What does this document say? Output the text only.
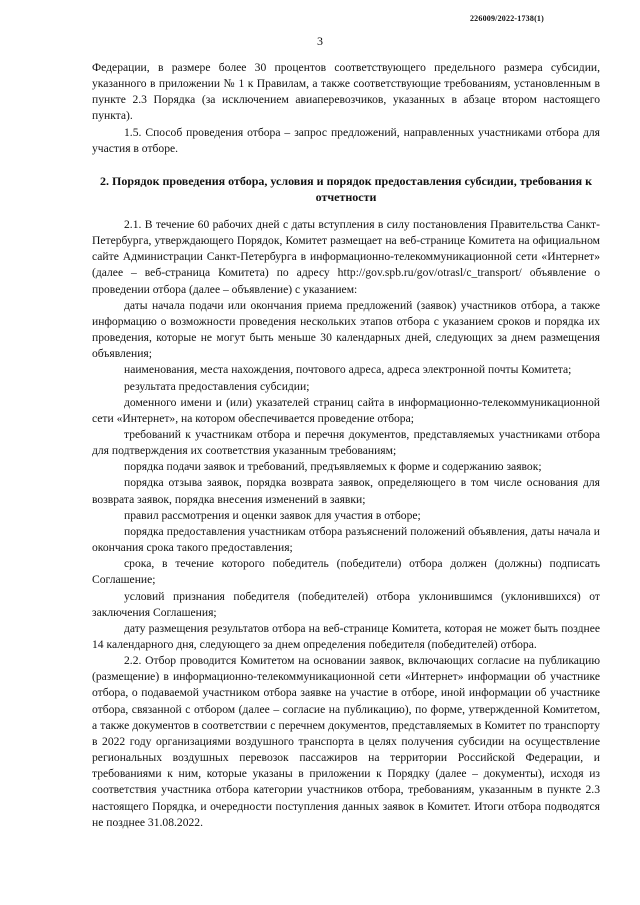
226009/2022-1738(1)
3

Федерации, в размере более 30 процентов соответствующего предельного размера субсидии, указанного в приложении № 1 к Правилам, а также соответствующие требованиям, установленным в пункте 2.3 Порядка (за исключением авиаперевозчиков, указанных в абзаце втором настоящего пункта).

1.5. Способ проведения отбора – запрос предложений, направленных участниками отбора для участия в отборе.

2. Порядок проведения отбора, условия и порядок предоставления субсидии, требования к отчетности

2.1. В течение 60 рабочих дней с даты вступления в силу постановления Правительства Санкт-Петербурга, утверждающего Порядок, Комитет размещает на веб-странице Комитета на официальном сайте Администрации Санкт-Петербурга в информационно-телекоммуникационной сети «Интернет» (далее – веб-страница Комитета) по адресу http://gov.spb.ru/gov/otrasl/c_transport/ объявление о проведении отбора (далее – объявление) с указанием:

даты начала подачи или окончания приема предложений (заявок) участников отбора, а также информацию о возможности проведения нескольких этапов отбора с указанием сроков и порядка их проведения, которые не могут быть меньше 30 календарных дней, следующих за днем размещения объявления;

наименования, места нахождения, почтового адреса, адреса электронной почты Комитета;

результата предоставления субсидии;

доменного имени и (или) указателей страниц сайта в информационно-телекоммуникационной сети «Интернет», на котором обеспечивается проведение отбора;

требований к участникам отбора и перечня документов, представляемых участниками отбора для подтверждения их соответствия указанным требованиям;

порядка подачи заявок и требований, предъявляемых к форме и содержанию заявок;

порядка отзыва заявок, порядка возврата заявок, определяющего в том числе основания для возврата заявок, порядка внесения изменений в заявки;

правил рассмотрения и оценки заявок для участия в отборе;

порядка предоставления участникам отбора разъяснений положений объявления, даты начала и окончания срока такого предоставления;

срока, в течение которого победитель (победители) отбора должен (должны) подписать Соглашение;

условий признания победителя (победителей) отбора уклонившимся (уклонившихся) от заключения Соглашения;

дату размещения результатов отбора на веб-странице Комитета, которая не может быть позднее 14 календарного дня, следующего за днем определения победителя (победителей) отбора.

2.2. Отбор проводится Комитетом на основании заявок, включающих согласие на публикацию (размещение) в информационно-телекоммуникационной сети «Интернет» информации об участнике отбора, о подаваемой участником отбора заявке на участие в отборе, иной информации об участнике отбора, связанной с отбором (далее – согласие на публикацию), по форме, утвержденной Комитетом, а также документов в соответствии с перечнем документов, представляемых в Комитет по транспорту в 2022 году организациями воздушного транспорта в целях получения субсидии на осуществление региональных воздушных перевозок пассажиров на территории Российской Федерации, и требованиями к ним, которые указаны в приложении к Порядку (далее – документы), исходя из соответствия участника отбора категории участников отбора, требованиям, указанным в пункте 2.3 настоящего Порядка, и очередности поступления данных заявок в Комитет. Итоги отбора подводятся не позднее 31.08.2022.
